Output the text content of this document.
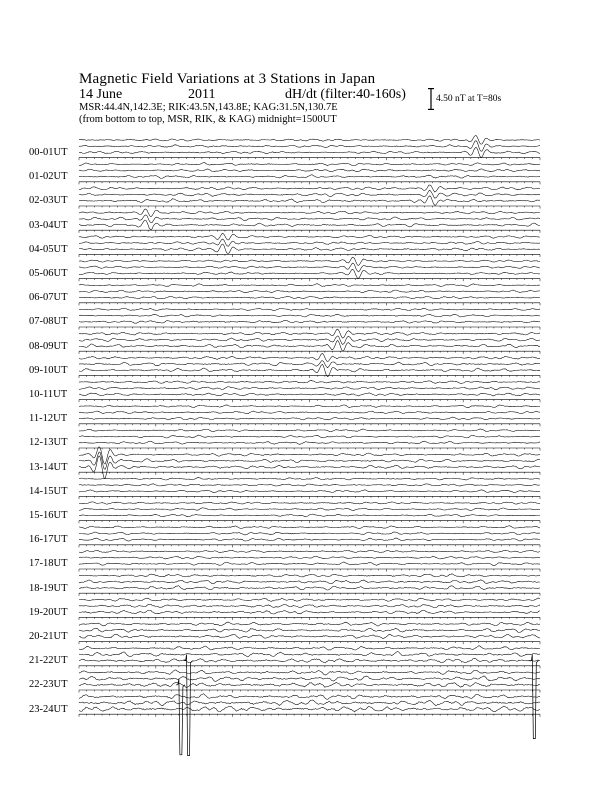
Magnetic Field Variations at 3 Stations in Japan
14 June	2011	dH/dt (filter:40-160s)
MSR:44.4N,142.3E; RIK:43.5N,143.8E; KAG:31.5N,130.7E
(from bottom to top, MSR, RIK, & KAG) midnight=1500UT
4.50 nT at T=80s
00-01UT
01-02UT
02-03UT
03-04UT
04-05UT
05-06UT
06-07UT
07-08UT
08-09UT
09-10UT
10-11UT
11-12UT
12-13UT
13-14UT
14-15UT
15-16UT
16-17UT
17-18UT
18-19UT
19-20UT
20-21UT
21-22UT
22-23UT
23-24UT
